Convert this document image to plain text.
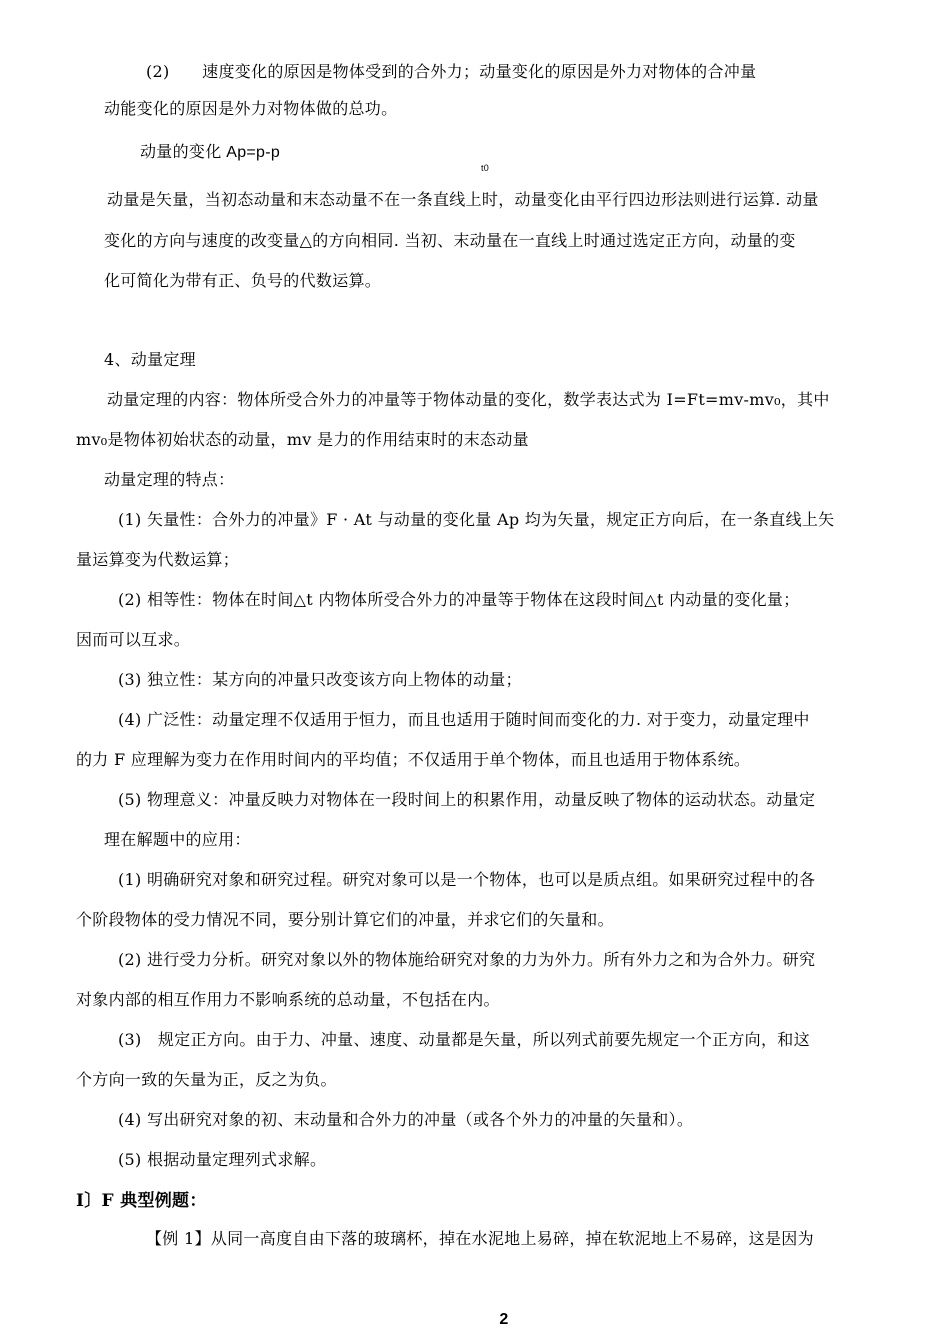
(2)　　速度变化的原因是物体受到的合外力；动量变化的原因是外力对物体的合冲量
动能变化的原因是外力对物体做的总功。
动量的变化 Ap=p-p
t0
动量是矢量，当初态动量和末态动量不在一条直线上时，动量变化由平行四边形法则进行运算. 动量
变化的方向与速度的改变量△的方向相同. 当初、末动量在一直线上时通过选定正方向，动量的变
化可简化为带有正、负号的代数运算。
4、动量定理
动量定理的内容：物体所受合外力的冲量等于物体动量的变化，数学表达式为 I=Ft=mv-mv₀，其中
mv₀是物体初始状态的动量，mv 是力的作用结束时的末态动量
动量定理的特点：
(1) 矢量性：合外力的冲量》F · At 与动量的变化量 Ap 均为矢量，规定正方向后，在一条直线上矢
量运算变为代数运算；
(2) 相等性：物体在时间△t 内物体所受合外力的冲量等于物体在这段时间△t 内动量的变化量；
因而可以互求。
(3) 独立性：某方向的冲量只改变该方向上物体的动量；
(4) 广泛性：动量定理不仅适用于恒力，而且也适用于随时间而变化的力. 对于变力，动量定理中
的力 F 应理解为变力在作用时间内的平均值；不仅适用于单个物体，而且也适用于物体系统。
(5) 物理意义：冲量反映力对物体在一段时间上的积累作用，动量反映了物体的运动状态。动量定
理在解题中的应用：
(1) 明确研究对象和研究过程。研究对象可以是一个物体，也可以是质点组。如果研究过程中的各
个阶段物体的受力情况不同，要分别计算它们的冲量，并求它们的矢量和。
(2) 进行受力分析。研究对象以外的物体施给研究对象的力为外力。所有外力之和为合外力。研究
对象内部的相互作用力不影响系统的总动量，不包括在内。
(3)　规定正方向。由于力、冲量、速度、动量都是矢量，所以列式前要先规定一个正方向，和这
个方向一致的矢量为正，反之为负。
(4) 写出研究对象的初、末动量和合外力的冲量（或各个外力的冲量的矢量和）。
(5) 根据动量定理列式求解。
I〕F 典型例题：
【例 1】从同一高度自由下落的玻璃杯，掉在水泥地上易碎，掉在软泥地上不易碎，这是因为
2
